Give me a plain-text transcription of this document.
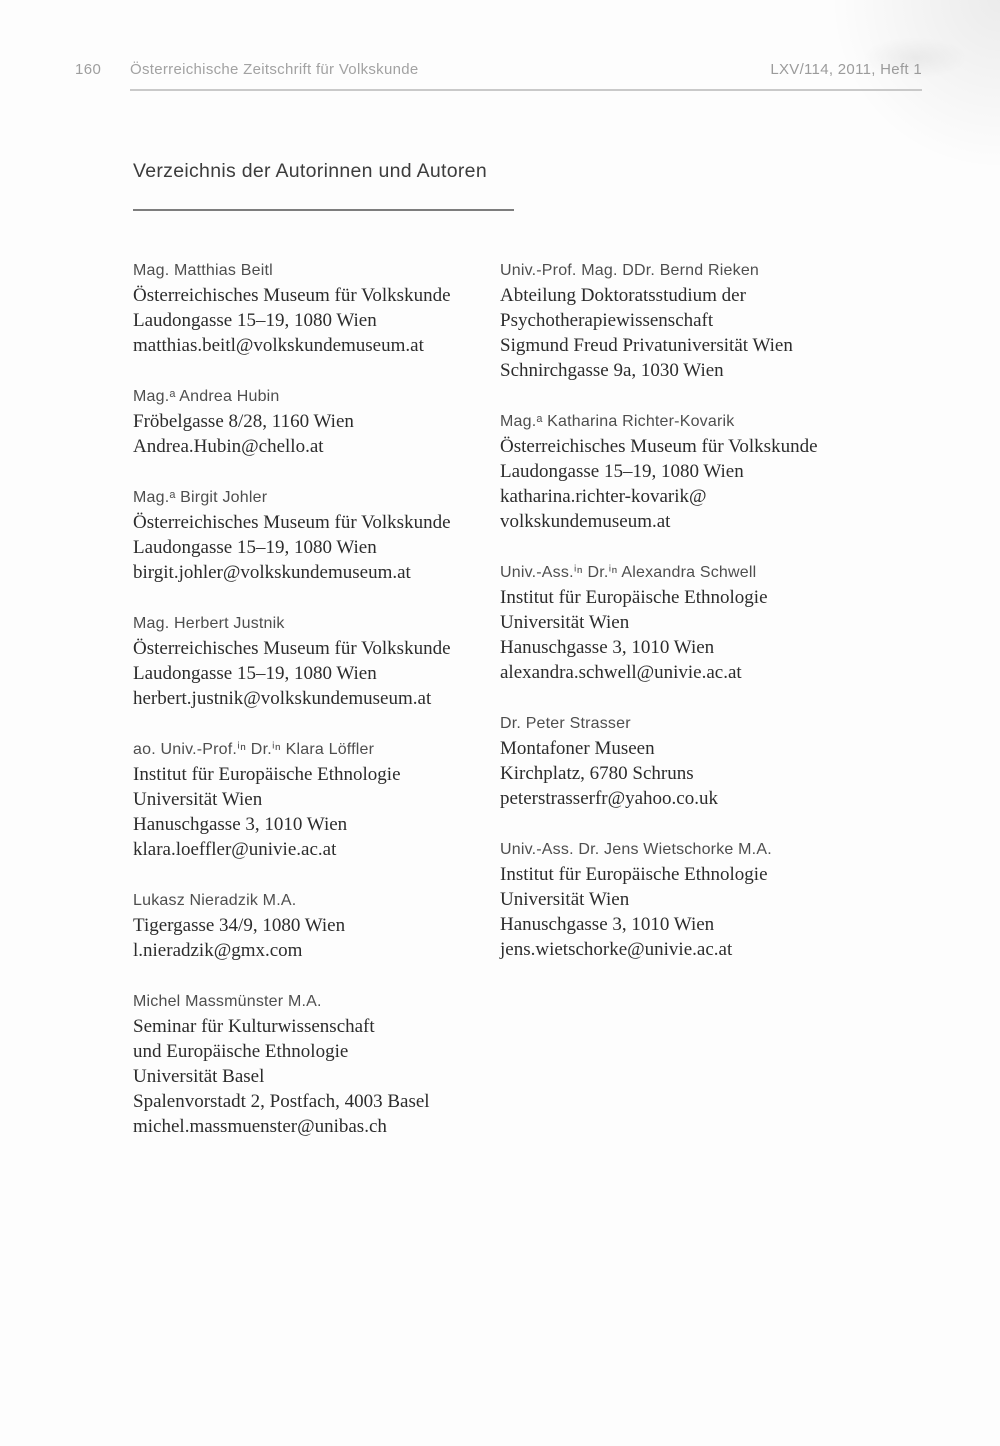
160 Österreichische Zeitschrift für Volkskunde	LXV/114, 2011, Heft 1
Verzeichnis der Autorinnen und Autoren
Mag. Matthias Beitl
Österreichisches Museum für Volkskunde
Laudongasse 15–19, 1080 Wien
matthias.beitl@volkskundemuseum.at
Mag.ᵃ Andrea Hubin
Fröbelgasse 8/28, 1160 Wien
Andrea.Hubin@chello.at
Mag.ᵃ Birgit Johler
Österreichisches Museum für Volkskunde
Laudongasse 15–19, 1080 Wien
birgit.johler@volkskundemuseum.at
Mag. Herbert Justnik
Österreichisches Museum für Volkskunde
Laudongasse 15–19, 1080 Wien
herbert.justnik@volkskundemuseum.at
ao. Univ.-Prof.ⁱⁿ Dr.ⁱⁿ Klara Löffler
Institut für Europäische Ethnologie
Universität Wien
Hanuschgasse 3, 1010 Wien
klara.loeffler@univie.ac.at
Lukasz Nieradzik M.A.
Tigergasse 34/9, 1080 Wien
l.nieradzik@gmx.com
Michel Massmünster M.A.
Seminar für Kulturwissenschaft
und Europäische Ethnologie
Universität Basel
Spalenvorstadt 2, Postfach, 4003 Basel
michel.massmuenster@unibas.ch
Univ.-Prof. Mag. DDr. Bernd Rieken
Abteilung Doktoratsstudium der
Psychotherapiewissenschaft
Sigmund Freud Privatuniversität Wien
Schnirchgasse 9a, 1030 Wien
Mag.ᵃ Katharina Richter-Kovarik
Österreichisches Museum für Volkskunde
Laudongasse 15–19, 1080 Wien
katharina.richter-kovarik@
volkskundemuseum.at
Univ.-Ass.ⁱⁿ Dr.ⁱⁿ Alexandra Schwell
Institut für Europäische Ethnologie
Universität Wien
Hanuschgasse 3, 1010 Wien
alexandra.schwell@univie.ac.at
Dr. Peter Strasser
Montafoner Museen
Kirchplatz, 6780 Schruns
peterstrasserfr@yahoo.co.uk
Univ.-Ass. Dr. Jens Wietschorke M.A.
Institut für Europäische Ethnologie
Universität Wien
Hanuschgasse 3, 1010 Wien
jens.wietschorke@univie.ac.at
